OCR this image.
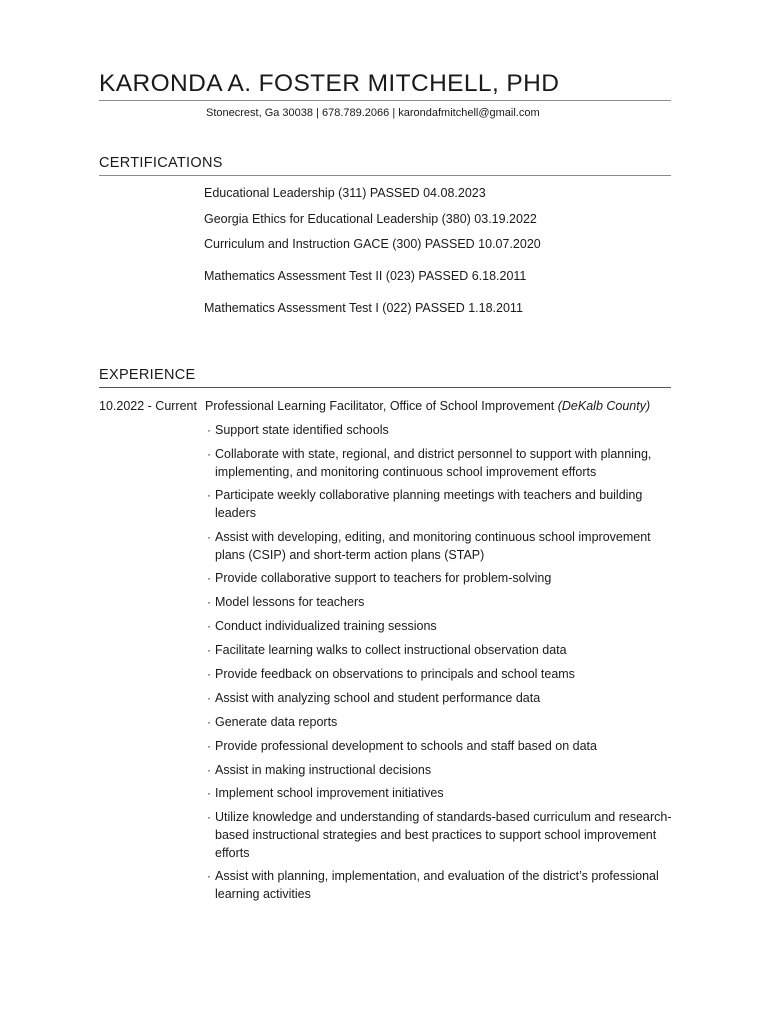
KARONDA A. FOSTER MITCHELL, PHD
Stonecrest, Ga 30038 | 678.789.2066 | karondafmitchell@gmail.com
CERTIFICATIONS
Educational Leadership (311) PASSED 04.08.2023
Georgia Ethics for Educational Leadership (380) 03.19.2022
Curriculum and Instruction GACE (300) PASSED 10.07.2020
Mathematics Assessment Test II (023) PASSED 6.18.2011
Mathematics Assessment Test I (022) PASSED 1.18.2011
EXPERIENCE
10.2022 - Current Professional Learning Facilitator, Office of School Improvement (DeKalb County)
· Support state identified schools
· Collaborate with state, regional, and district personnel to support with planning, implementing, and monitoring continuous school improvement efforts
· Participate weekly collaborative planning meetings with teachers and building leaders
· Assist with developing, editing, and monitoring continuous school improvement plans (CSIP) and short-term action plans (STAP)
· Provide collaborative support to teachers for problem-solving
· Model lessons for teachers
· Conduct individualized training sessions
· Facilitate learning walks to collect instructional observation data
· Provide feedback on observations to principals and school teams
· Assist with analyzing school and student performance data
· Generate data reports
· Provide professional development to schools and staff based on data
· Assist in making instructional decisions
· Implement school improvement initiatives
· Utilize knowledge and understanding of standards-based curriculum and research-based instructional strategies and best practices to support school improvement efforts
· Assist with planning, implementation, and evaluation of the district’s professional learning activities
